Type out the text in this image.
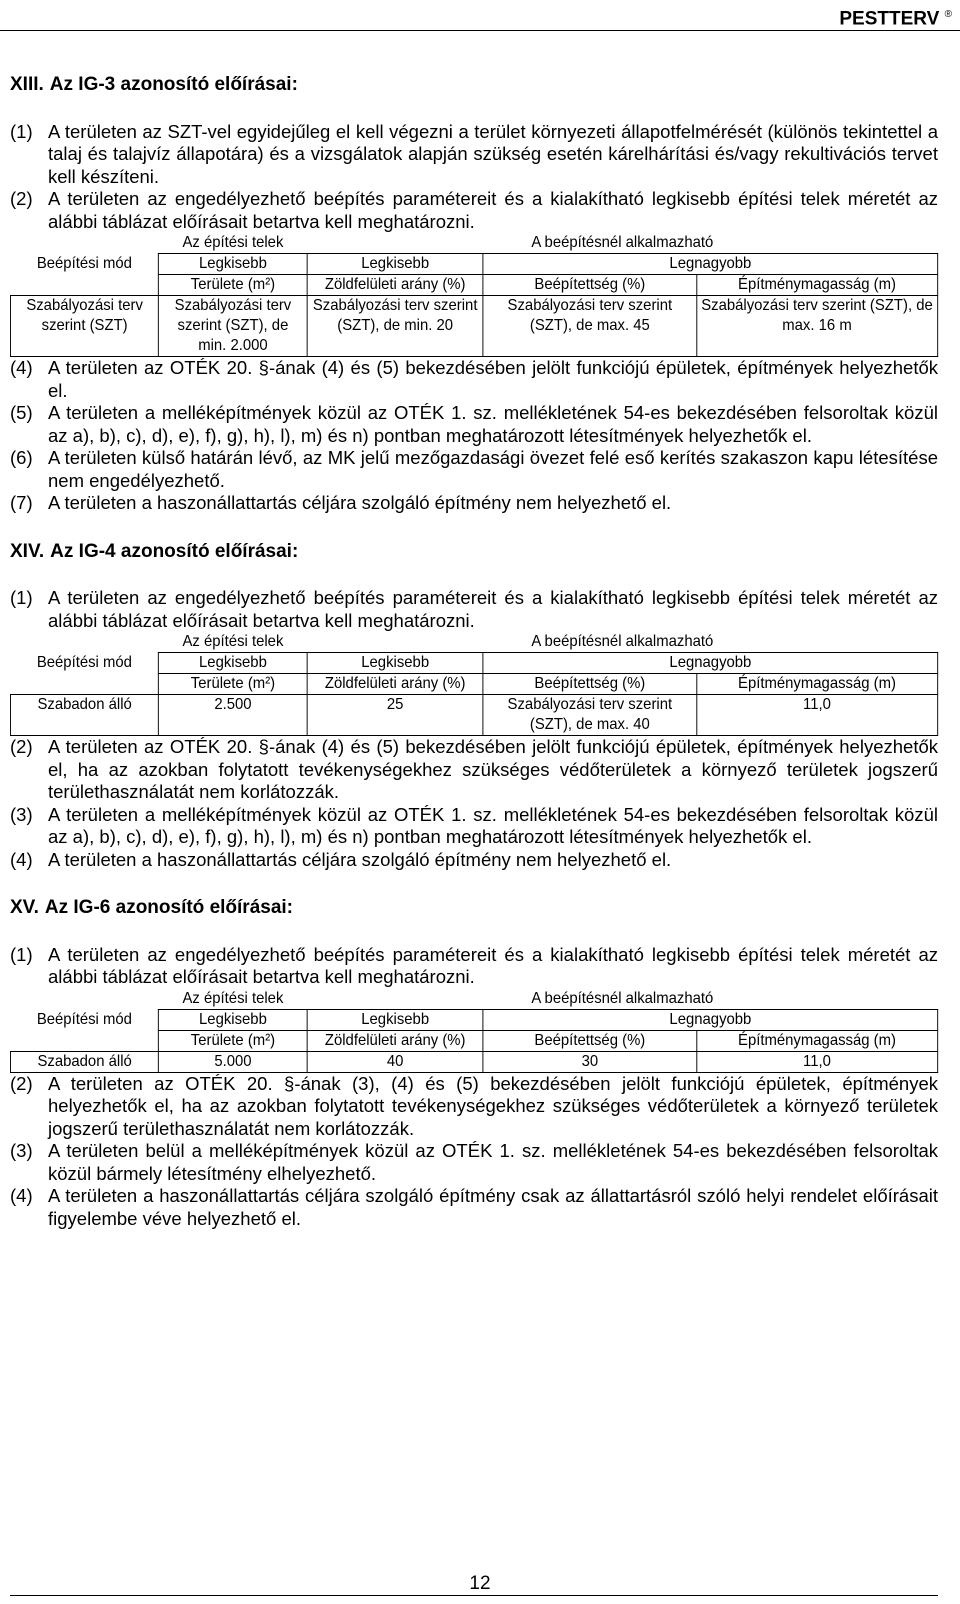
PESTTERV ®

XIII. Az IG-3 azonosító előírásai:

(1) A területen az SZT-vel egyidejűleg el kell végezni a terület környezeti állapotfelmérését (különös tekintettel a talaj és talajvíz állapotára) és a vizsgálatok alapján szükség esetén kárelhárítási és/vagy rekultivációs tervet kell készíteni.
(2) A területen az engedélyezhető beépítés paramétereit és a kialakítható legkisebb építési telek méretét az alábbi táblázat előírásait betartva kell meghatározni.
Beépítési mód	Az építési telek	A beépítésnél alkalmazható		
	Legkisebb	Legkisebb	Legnagyobb	
	Területe (m²)	Zöldfelületi arány (%)	Beépítettség (%)	Építménymagasság (m)
Szabályozási terv szerint (SZT)	Szabályozási terv szerint (SZT), de min. 2.000	Szabályozási terv szerint (SZT), de min. 20	Szabályozási terv szerint (SZT), de max. 45	Szabályozási terv szerint (SZT), de max. 16 m
(4) A területen az OTÉK 20. §-ának (4) és (5) bekezdésében jelölt funkciójú épületek, építmények helyezhetők el.
(5) A területen a melléképítmények közül az OTÉK 1. sz. mellékletének 54-es bekezdésében felsoroltak közül az a), b), c), d), e), f), g), h), l), m) és n) pontban meghatározott létesítmények helyezhetők el.
(6) A területen külső határán lévő, az MK jelű mezőgazdasági övezet felé eső kerítés szakaszon kapu létesítése nem engedélyezhető.
(7) A területen a haszonállattartás céljára szolgáló építmény nem helyezhető el.

XIV. Az IG-4 azonosító előírásai:

(1) A területen az engedélyezhető beépítés paramétereit és a kialakítható legkisebb építési telek méretét az alábbi táblázat előírásait betartva kell meghatározni.
Beépítési mód	Az építési telek	A beépítésnél alkalmazható		
	Legkisebb	Legkisebb	Legnagyobb	
	Területe (m²)	Zöldfelületi arány (%)	Beépítettség (%)	Építménymagasság (m)
Szabadon álló	2.500	25	Szabályozási terv szerint (SZT), de max. 40	11,0
(2) A területen az OTÉK 20. §-ának (4) és (5) bekezdésében jelölt funkciójú épületek, építmények helyezhetők el, ha az azokban folytatott tevékenységekhez szükséges védőterületek a környező területek jogszerű területhasználatát nem korlátozzák.
(3) A területen a melléképítmények közül az OTÉK 1. sz. mellékletének 54-es bekezdésében felsoroltak közül az a), b), c), d), e), f), g), h), l), m) és n) pontban meghatározott létesítmények helyezhetők el.
(4) A területen a haszonállattartás céljára szolgáló építmény nem helyezhető el.

XV. Az IG-6 azonosító előírásai:

(1) A területen az engedélyezhető beépítés paramétereit és a kialakítható legkisebb építési telek méretét az alábbi táblázat előírásait betartva kell meghatározni.
Beépítési mód	Az építési telek	A beépítésnél alkalmazható		
	Legkisebb	Legkisebb	Legnagyobb	
	Területe (m²)	Zöldfelületi arány (%)	Beépítettség (%)	Építménymagasság (m)
Szabadon álló	5.000	40	30	11,0
(2) A területen az OTÉK 20. §-ának (3), (4) és (5) bekezdésében jelölt funkciójú épületek, építmények helyezhetők el, ha az azokban folytatott tevékenységekhez szükséges védőterületek a környező területek jogszerű területhasználatát nem korlátozzák.
(3) A területen belül a melléképítmények közül az OTÉK 1. sz. mellékletének 54-es bekezdésében felsoroltak közül bármely létesítmény elhelyezhető.
(4) A területen a haszonállattartás céljára szolgáló építmény csak az állattartásról szóló helyi rendelet előírásait figyelembe véve helyezhető el.
12
